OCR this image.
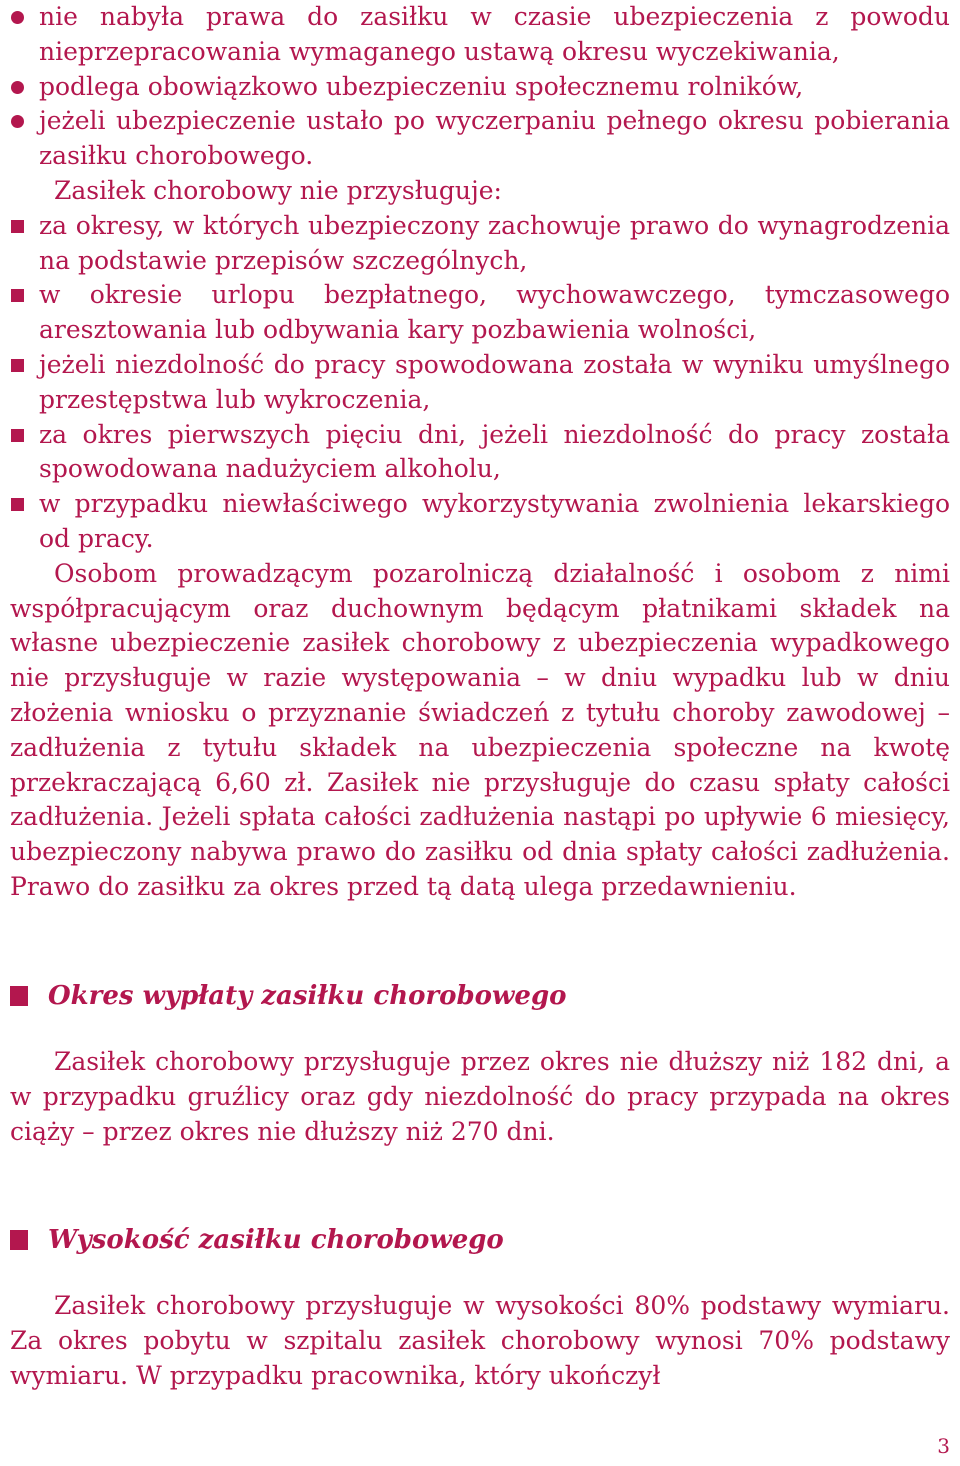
nie nabyła prawa do zasiłku w czasie ubezpieczenia z powodu nieprzepracowania wymaganego ustawą okresu wyczekiwania,
podlega obowiązkowo ubezpieczeniu społecznemu rolników,
jeżeli ubezpieczenie ustało po wyczerpaniu pełnego okresu pobierania zasiłku chorobowego.

Zasiłek chorobowy nie przysługuje:

za okresy, w których ubezpieczony zachowuje prawo do wynagrodzenia na podstawie przepisów szczególnych,
w okresie urlopu bezpłatnego, wychowawczego, tymczasowego aresztowania lub odbywania kary pozbawienia wolności,
jeżeli niezdolność do pracy spowodowana została w wyniku umyślnego przestępstwa lub wykroczenia,
za okres pierwszych pięciu dni, jeżeli niezdolność do pracy została spowodowana nadużyciem alkoholu,
w przypadku niewłaściwego wykorzystywania zwolnienia lekarskiego od pracy.

Osobom prowadzącym pozarolniczą działalność i osobom z nimi współpracującym oraz duchownym będącym płatnikami składek na własne ubezpieczenie zasiłek chorobowy z ubezpieczenia wypadkowego nie przysługuje w razie występowania – w dniu wypadku lub w dniu złożenia wniosku o przyznanie świadczeń z tytułu choroby zawodowej – zadłużenia z tytułu składek na ubezpieczenia społeczne na kwotę przekraczającą 6,60 zł. Zasiłek nie przysługuje do czasu spłaty całości zadłużenia. Jeżeli spłata całości zadłużenia nastąpi po upływie 6 miesięcy, ubezpieczony nabywa prawo do zasiłku od dnia spłaty całości zadłużenia. Prawo do zasiłku za okres przed tą datą ulega przedawnieniu.

Okres wypłaty zasiłku chorobowego

Zasiłek chorobowy przysługuje przez okres nie dłuższy niż 182 dni, a w przypadku gruźlicy oraz gdy niezdolność do pracy przypada na okres ciąży – przez okres nie dłuższy niż 270 dni.

Wysokość zasiłku chorobowego

Zasiłek chorobowy przysługuje w wysokości 80% podstawy wymiaru. Za okres pobytu w szpitalu zasiłek chorobowy wynosi 70% podstawy wymiaru. W przypadku pracownika, który ukończył

3
